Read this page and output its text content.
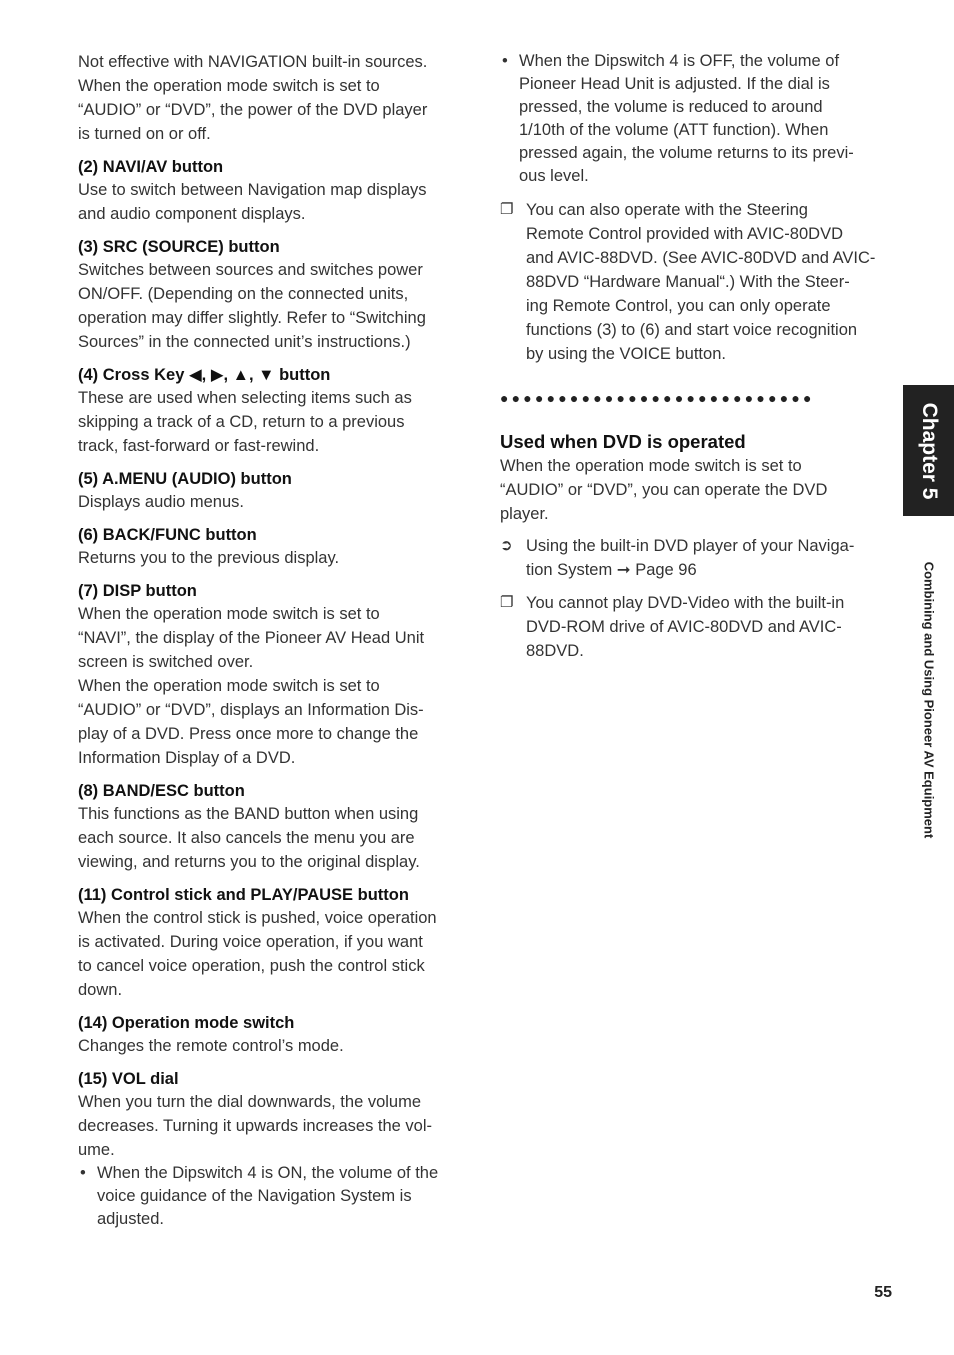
Not effective with NAVIGATION built-in sources.

When the operation mode switch is set to

“AUDIO” or “DVD”, the power of the DVD player

is turned on or off.

(2) NAVI/AV button

Use to switch between Navigation map displays

and audio component displays.

(3) SRC (SOURCE) button

Switches between sources and switches power

ON/OFF. (Depending on the connected units,

operation may differ slightly. Refer to “Switching

Sources” in the connected unit’s instructions.)

(4) Cross Key ◀, ▶, ▲, ▼ button

These are used when selecting items such as

skipping a track of a CD, return to a previous

track, fast-forward or fast-rewind.

(5) A.MENU (AUDIO) button

Displays audio menus.

(6) BACK/FUNC button

Returns you to the previous display.

(7) DISP button

When the operation mode switch is set to

“NAVI”, the display of the Pioneer AV Head Unit

screen is switched over.

When the operation mode switch is set to

“AUDIO” or “DVD”, displays an Information Dis-

play of a DVD. Press once more to change the

Information Display of a DVD.

(8) BAND/ESC button

This functions as the BAND button when using

each source. It also cancels the menu you are

viewing, and returns you to the original display.

(11) Control stick and PLAY/PAUSE button

When the control stick is pushed, voice operation

is activated. During voice operation, if you want

to cancel voice operation, push the control stick

down.

(14) Operation mode switch

Changes the remote control’s mode.

(15) VOL dial

When you turn the dial downwards, the volume

decreases. Turning it upwards increases the vol-

ume.

• When the Dipswitch 4 is ON, the volume of the
voice guidance of the Navigation System is
adjusted.
• When the Dipswitch 4 is OFF, the volume of
Pioneer Head Unit is adjusted. If the dial is
pressed, the volume is reduced to around
1/10th of the volume (ATT function). When
pressed again, the volume returns to its previ-
ous level.
❐ You can also operate with the Steering
Remote Control provided with AVIC-80DVD
and AVIC-88DVD. (See AVIC-80DVD and AVIC-
88DVD “Hardware Manual“.) With the Steer-
ing Remote Control, you can only operate
functions (3) to (6) and start voice recognition
by using the VOICE button.
●●●●●●●●●●●●●●●●●●●●●●●●●●●
Used when DVD is operated

When the operation mode switch is set to

“AUDIO” or “DVD”, you can operate the DVD

player.

➲ Using the built-in DVD player of your Naviga-
tion System ➞ Page 96
❐ You cannot play DVD-Video with the built-in
DVD-ROM drive of AVIC-80DVD and AVIC-
88DVD.
Chapter 5
Combining and Using Pioneer AV Equipment
55
